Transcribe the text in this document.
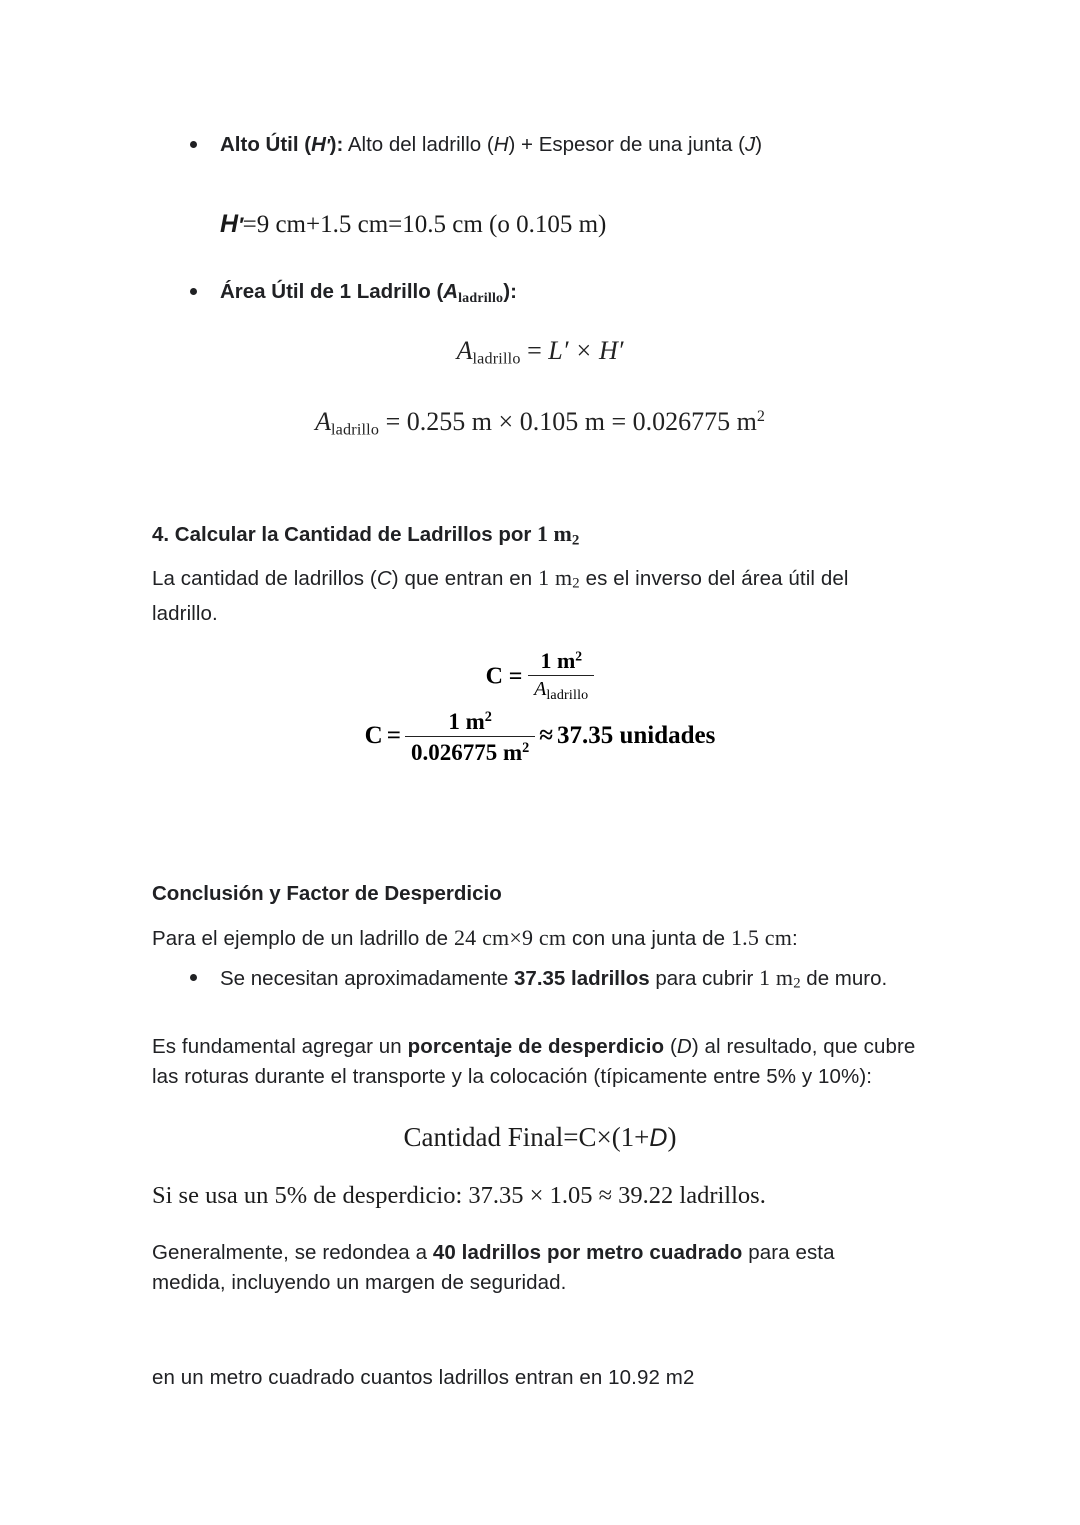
Alto Útil (H′): Alto del ladrillo (H) + Espesor de una junta (J)
H′=9 cm+1.5 cm=10.5 cm (o 0.105 m)
Área Útil de 1 Ladrillo (Aladrillo):
Aladrillo = L′ × H′
Aladrillo = 0.255 m × 0.105 m = 0.026775 $m^2$
4. Calcular la Cantidad de Ladrillos por 1 m2
La cantidad de ladrillos (C) que entran en 1 m2 es el inverso del área útil del ladrillo.
$C = \frac{1 m^2}{\text{Aladrillo}}$
$C = \frac{1 m^2}{0.026775 m^2} \approx 37.35$ unidades
Conclusión y Factor de Desperdicio
Para el ejemplo de un ladrillo de 24 cm×9 cm con una junta de 1.5 cm:
Se necesitan aproximadamente 37.35 ladrillos para cubrir 1 m2 de muro.
Es fundamental agregar un porcentaje de desperdicio (D) al resultado, que cubre las roturas durante el transporte y la colocación (típicamente entre 5% y 10%):
Cantidad Final=C×(1+D)
Si se usa un 5% de desperdicio: 37.35 × 1.05 ≈ 39.22 ladrillos.
Generalmente, se redondea a 40 ladrillos por metro cuadrado para esta medida, incluyendo un margen de seguridad.
en un metro cuadrado cuantos ladrillos entran en 10.92 m2
